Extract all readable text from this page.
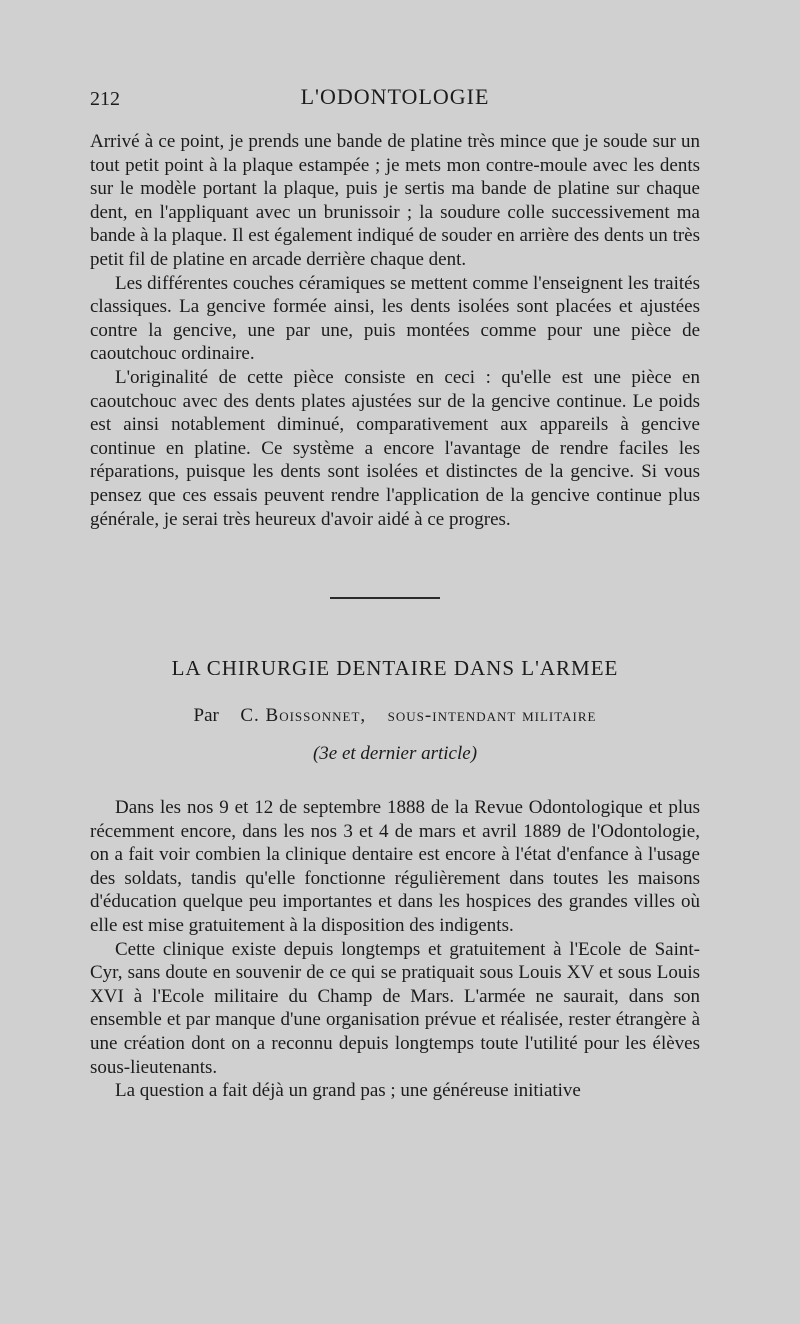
212	L'ODONTOLOGIE

Arrivé à ce point, je prends une bande de platine très mince que je soude sur un tout petit point à la plaque estampée ; je mets mon contre-moule avec les dents sur le modèle portant la plaque, puis je sertis ma bande de platine sur chaque dent, en l'appliquant avec un brunissoir ; la soudure colle successivement ma bande à la plaque. Il est également indiqué de souder en arrière des dents un très petit fil de platine en arcade derrière chaque dent.

Les différentes couches céramiques se mettent comme l'enseignent les traités classiques. La gencive formée ainsi, les dents isolées sont placées et ajustées contre la gencive, une par une, puis montées comme pour une pièce de caoutchouc ordinaire.

L'originalité de cette pièce consiste en ceci : qu'elle est une pièce en caoutchouc avec des dents plates ajustées sur de la gencive continue. Le poids est ainsi notablement diminué, comparativement aux appareils à gencive continue en platine. Ce système a encore l'avantage de rendre faciles les réparations, puisque les dents sont isolées et distinctes de la gencive. Si vous pensez que ces essais peuvent rendre l'application de la gencive continue plus générale, je serai très heureux d'avoir aidé à ce progres.

LA CHIRURGIE DENTAIRE DANS L'ARMEE
Par C. Boissonnet, sous-intendant militaire
(3e et dernier article)

Dans les nos 9 et 12 de septembre 1888 de la Revue Odontologique et plus récemment encore, dans les nos 3 et 4 de mars et avril 1889 de l'Odontologie, on a fait voir combien la clinique dentaire est encore à l'état d'enfance à l'usage des soldats, tandis qu'elle fonctionne régulièrement dans toutes les maisons d'éducation quelque peu importantes et dans les hospices des grandes villes où elle est mise gratuitement à la disposition des indigents.

Cette clinique existe depuis longtemps et gratuitement à l'Ecole de Saint-Cyr, sans doute en souvenir de ce qui se pratiquait sous Louis XV et sous Louis XVI à l'Ecole militaire du Champ de Mars. L'armée ne saurait, dans son ensemble et par manque d'une organisation prévue et réalisée, rester étrangère à une création dont on a reconnu depuis longtemps toute l'utilité pour les élèves sous-lieutenants.

La question a fait déjà un grand pas ; une généreuse initiative
